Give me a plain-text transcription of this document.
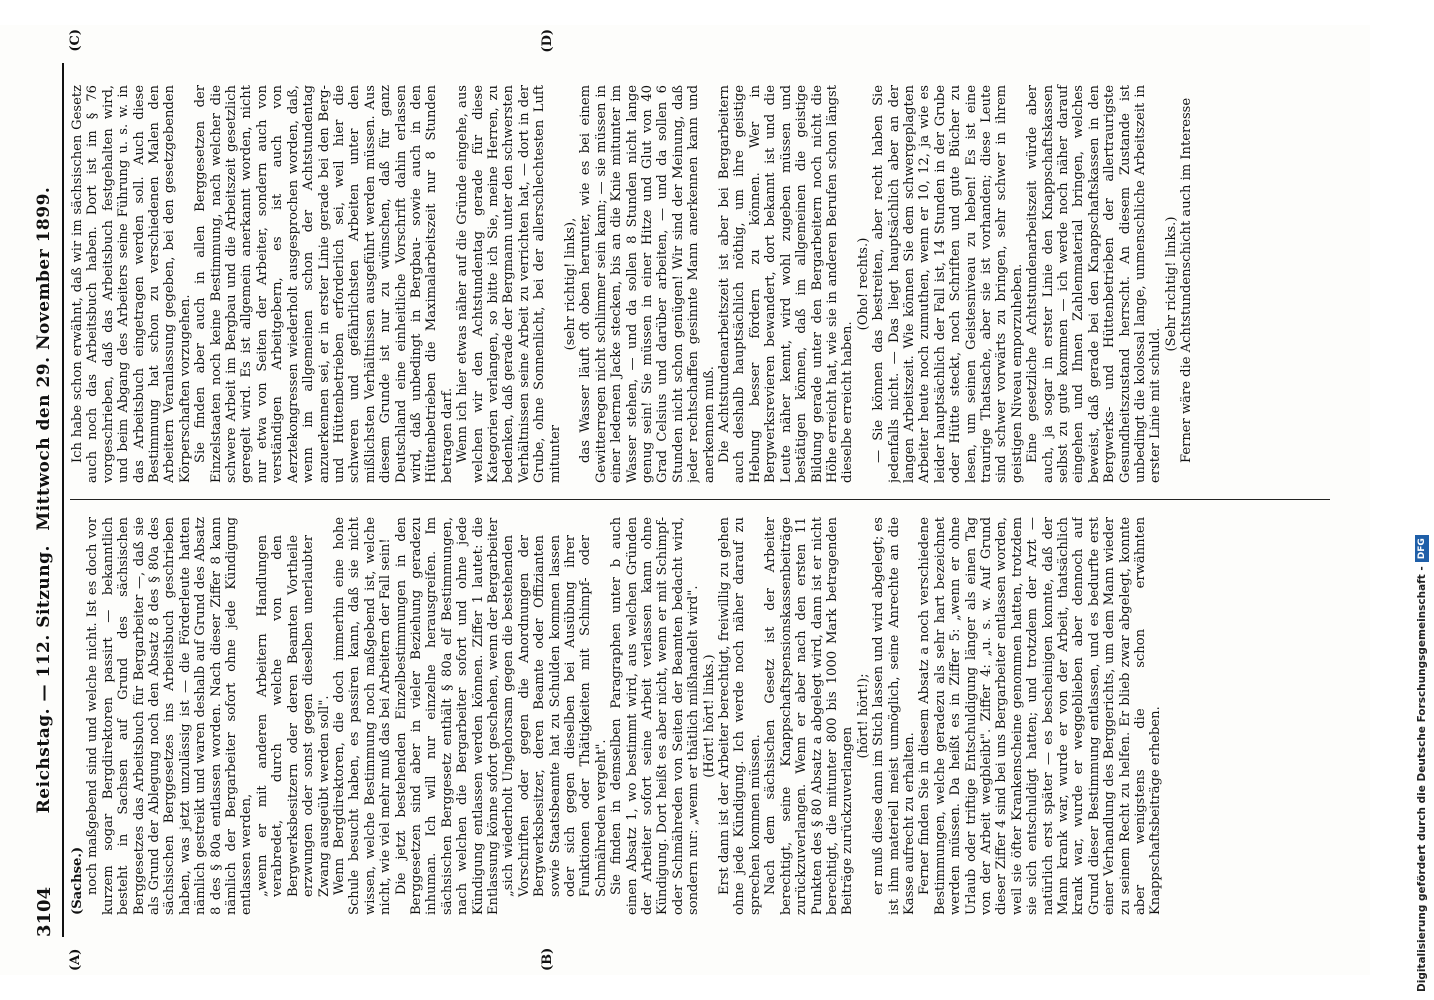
3104
Reichstag. — 112. Sitzung. Mittwoch den 29. November 1899.
(A)	(B)
(C)	(D)

(Sachse.) noch maßgebend sind und welche nicht. Ist es doch vor kurzem sogar Bergdirektoren passirt — bekanntlich besteht in Sachsen auf Grund des sächsischen Berggesetzes das Arbeitsbuch für Bergarbeiter —, daß sie als Grund der Ablegung noch den Absatz 8 des § 80a des sächsischen Berggesetzes ins Arbeitsbuch geschrieben haben, was jetzt unzulässig ist — die Förderleute hatten nämlich gestreikt und waren deshalb auf Grund des Absatz 8 des § 80a entlassen worden. Nach dieser Ziffer 8 kann nämlich der Bergarbeiter sofort ohne jede Kündigung entlassen werden, „wenn er mit anderen Arbeitern Handlungen verabredet, durch welche von den Bergwerksbesitzern oder deren Beamten Vortheile erzwungen oder sonst gegen dieselben unerlaubter Zwang ausgeübt werden soll". Wenn Bergdirektoren, die doch immerhin eine hohe Schule besucht haben, es passiren kann, daß sie nicht wissen, welche Bestimmung noch maßgebend ist, welche nicht, wie viel mehr muß das bei Arbeitern der Fall sein! Die jetzt bestehenden Einzelbestimmungen in den Berggesetzen sind aber in vieler Beziehung geradezu inhuman. Ich will nur einzelne herausgreifen. Im sächsischen Berggesetz enthält § 80a elf Bestimmungen, nach welchen die Bergarbeiter sofort und ohne jede Kündigung entlassen werden können. Ziffer 1 lautet: die Entlassung könne sofort geschehen, wenn der Bergarbeiter „sich wiederholt Ungehorsam gegen die bestehenden Vorschriften oder gegen die Anordnungen der Bergwerksbesitzer, deren Beamte oder Offizianten sowie Staatsbeamte hat zu Schulden kommen lassen oder sich gegen dieselben bei Ausübung ihrer Funktionen oder Thätigkeiten mit Schimpf- oder Schmähreden vergeht". Sie finden in demselben Paragraphen unter b auch einen Absatz 1, wo bestimmt wird, aus welchen Gründen der Arbeiter sofort seine Arbeit verlassen kann ohne Kündigung. Dort heißt es aber nicht, wenn er mit Schimpf- oder Schmähreden von Seiten der Beamten bedacht wird, sondern nur: „wenn er thätlich mißhandelt wird". (Hört! hört! links.) Erst dann ist der Arbeiter berechtigt, freiwillig zu gehen ohne jede Kündigung. Ich werde noch näher darauf zu sprechen kommen müssen. Nach dem sächsischen Gesetz ist der Arbeiter berechtigt, seine Knappschaftspensionskassenbeiträge zurückzuverlangen. Wenn er aber nach den ersten 11 Punkten des § 80 Absatz a abgelegt wird, dann ist er nicht berechtigt, die mitunter 800 bis 1000 Mark betragenden Beiträge zurückzuverlangen

(hört! hört!); er muß diese dann im Stich lassen und wird abgelegt; es ist ihm materiell meist unmöglich, seine Anrechte an die Kasse aufrecht zu erhalten. Ferner finden Sie in diesem Absatz a noch verschiedene Bestimmungen, welche geradezu als sehr hart bezeichnet werden müssen. Da heißt es in Ziffer 5: „wenn er ohne Urlaub oder triftige Entschuldigung länger als einen Tag von der Arbeit wegbleibt". Ziffer 4: „u. s. w. Auf Grund dieser Ziffer 4 sind bei uns Bergarbeiter entlassen worden, weil sie öfter Krankenscheine genommen hatten, trotzdem sie sich entschuldigt hatten; und trotzdem der Arzt — natürlich erst später — es bescheinigen konnte, daß der Mann krank war, wurde er von der Arbeit, thatsächlich krank war, wurde er weggeblieben aber dennoch auf Grund dieser Bestimmung entlassen, und es bedurfte erst einer Verhandlung des Berggerichts, um dem Mann wieder zu seinem Recht zu helfen. Er blieb zwar abgelegt, konnte aber wenigstens die schon erwähnten Knappschaftsbeiträge erheben.

Ich habe schon erwähnt, daß wir im sächsischen Gesetz auch noch das Arbeitsbuch haben. Dort ist im § 76 vorgeschrieben, daß das Arbeitsbuch festgehalten wird, und beim Abgang des Arbeiters seine Führung u. s. w. in das Arbeitsbuch eingetragen werden soll. Auch diese Bestimmung hat schon zu verschiedenen Malen den Arbeitern Veranlassung gegeben, bei den gesetzgebenden Körperschaften vorzugehen. Sie finden aber auch in allen Berggesetzen der Einzelstaaten noch keine Bestimmung, nach welcher die schwere Arbeit im Bergbau und die Arbeitszeit gesetzlich geregelt wird. Es ist allgemein anerkannt worden, nicht nur etwa von Seiten der Arbeiter, sondern auch von verständigen Arbeitgebern, es ist auch von Aerztekongressen wiederholt ausgesprochen worden, daß, wenn im allgemeinen schon der Achtstundentag anzuerkennen sei, er in erster Linie gerade bei den Berg- und Hüttenbetrieben erforderlich sei, weil hier die schweren und gefährlichsten Arbeiten unter den mißlichsten Verhältnissen ausgeführt werden müssen. Aus diesem Grunde ist nur zu wünschen, daß für ganz Deutschland eine einheitliche Vorschrift dahin erlassen wird, daß unbedingt in Bergbau- sowie auch in den Hüttenbetrieben die Maximalarbeitszeit nur 8 Stunden betragen darf. Wenn ich hier etwas näher auf die Gründe eingehe, aus welchen wir den Achtstundentag gerade für diese Kategorien verlangen, so bitte ich Sie, meine Herren, zu bedenken, daß gerade der Bergmann unter den schwersten Verhältnissen seine Arbeit zu verrichten hat, — dort in der Grube, ohne Sonnenlicht, bei der allerschlechtesten Luft mitunter

(sehr richtig! links), das Wasser läuft oft oben herunter, wie es bei einem Gewitterregen nicht schlimmer sein kann; — sie müssen in einer ledernen Jacke stecken, bis an die Knie mitunter im Wasser stehen, — und da sollen 8 Stunden nicht lange genug sein! Sie müssen in einer Hitze und Glut von 40 Grad Celsius und darüber arbeiten, — und da sollen 6 Stunden nicht schon genügen! Wir sind der Meinung, daß jeder rechtschaffen gesinnte Mann anerkennen kann und anerkennen muß. Die Achtstundenarbeitszeit ist aber bei Bergarbeitern auch deshalb hauptsächlich nöthig, um ihre geistige Hebung besser fördern zu können. Wer in Bergwerksrevieren bewandert, dort bekannt ist und die Leute näher kennt, wird wohl zugeben müssen und bestätigen können, daß im allgemeinen die geistige Bildung gerade unter den Bergarbeitern noch nicht die Höhe erreicht hat, wie sie in anderen Berufen schon längst dieselbe erreicht haben.

(Oho! rechts.) — Sie können das bestreiten, aber recht haben Sie jedenfalls nicht. — Das liegt hauptsächlich aber an der langen Arbeitszeit. Wie können Sie dem schwergeplagten Arbeiter heute noch zumuthen, wenn er 10, 12, ja wie es leider hauptsächlich der Fall ist, 14 Stunden in der Grube oder Hütte steckt, noch Schriften und gute Bücher zu lesen, um seinen Geistesniveau zu heben! Es ist eine traurige Thatsache, aber sie ist vorhanden; diese Leute sind schwer vorwärts zu bringen, sehr schwer in ihrem geistigen Niveau emporzuheben. Eine gesetzliche Achtstundenarbeitszeit würde aber auch, ja sogar in erster Linie den Knappschaftskassen selbst zu gute kommen — ich werde noch näher darauf eingehen und Ihnen Zahlenmaterial bringen, welches beweist, daß gerade bei den Knappschaftskassen in den Bergwerks- und Hüttenbetrieben der allertraurigste Gesundheitszustand herrscht. An diesem Zustande ist unbedingt die kolossal lange, unmenschliche Arbeitszeit in erster Linie mit schuld.

(Sehr richtig! links.) Ferner wäre die Achtstundenschicht auch im Interesse

Digitalisierung gefördert durch die Deutsche Forschungsgemeinschaft -DFG
